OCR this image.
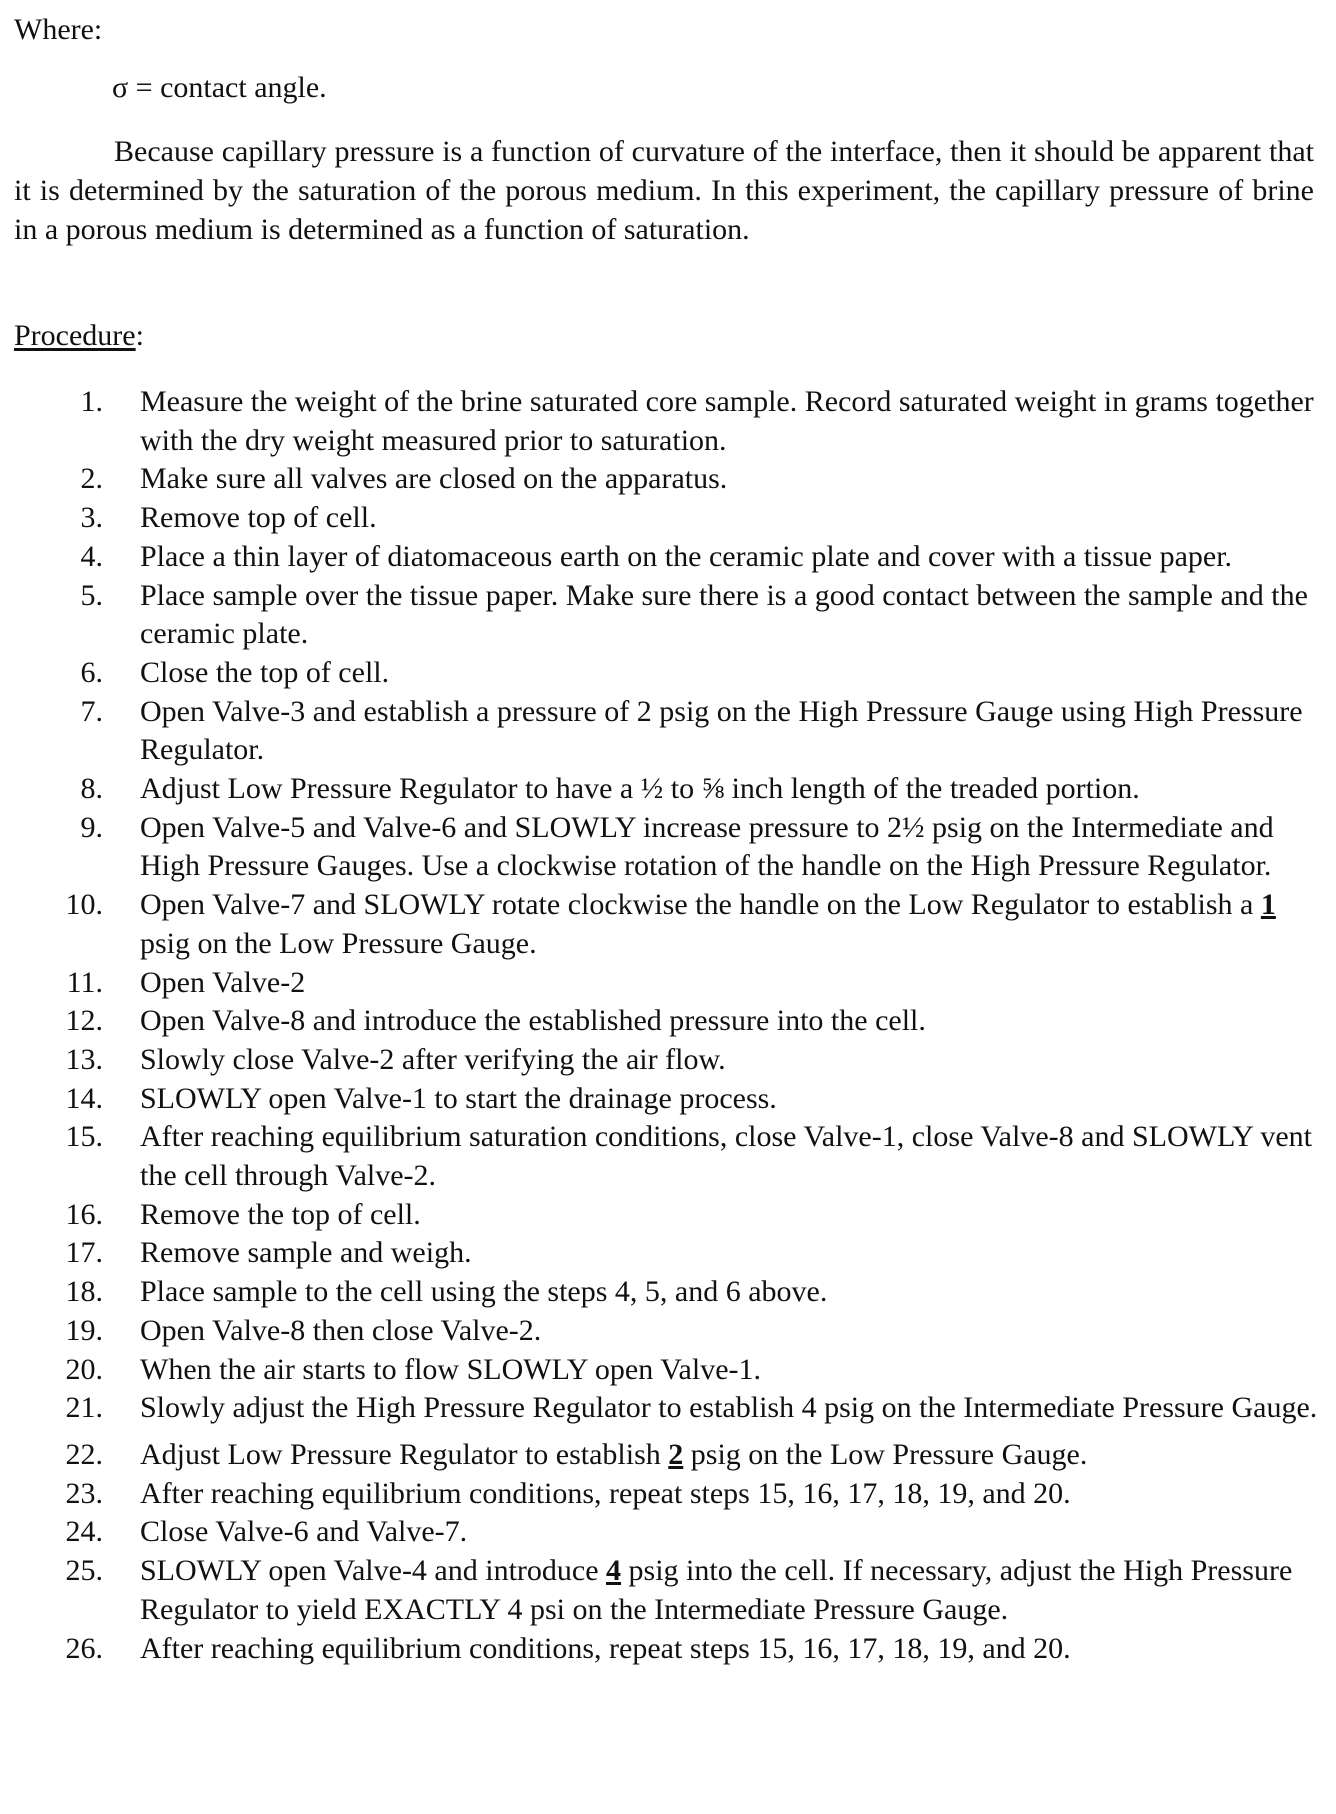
Where:
σ = contact angle.

Because capillary pressure is a function of curvature of the interface, then it should be apparent that it is determined by the saturation of the porous medium. In this experiment, the capillary pressure of brine in a porous medium is determined as a function of saturation.

Procedure:
1. Measure the weight of the brine saturated core sample. Record saturated weight in grams together with the dry weight measured prior to saturation.
2. Make sure all valves are closed on the apparatus.
3. Remove top of cell.
4. Place a thin layer of diatomaceous earth on the ceramic plate and cover with a tissue paper.
5. Place sample over the tissue paper. Make sure there is a good contact between the sample and the ceramic plate.
6. Close the top of cell.
7. Open Valve-3 and establish a pressure of 2 psig on the High Pressure Gauge using High Pressure Regulator.
8. Adjust Low Pressure Regulator to have a ½ to ⅝ inch length of the treaded portion.
9. Open Valve-5 and Valve-6 and SLOWLY increase pressure to 2½ psig on the Intermediate and High Pressure Gauges. Use a clockwise rotation of the handle on the High Pressure Regulator.
10. Open Valve-7 and SLOWLY rotate clockwise the handle on the Low Regulator to establish a 1 psig on the Low Pressure Gauge.
11. Open Valve-2
12. Open Valve-8 and introduce the established pressure into the cell.
13. Slowly close Valve-2 after verifying the air flow.
14. SLOWLY open Valve-1 to start the drainage process.
15. After reaching equilibrium saturation conditions, close Valve-1, close Valve-8 and SLOWLY vent the cell through Valve-2.
16. Remove the top of cell.
17. Remove sample and weigh.
18. Place sample to the cell using the steps 4, 5, and 6 above.
19. Open Valve-8 then close Valve-2.
20. When the air starts to flow SLOWLY open Valve-1.
21. Slowly adjust the High Pressure Regulator to establish 4 psig on the Intermediate Pressure Gauge.
22. Adjust Low Pressure Regulator to establish 2 psig on the Low Pressure Gauge.
23. After reaching equilibrium conditions, repeat steps 15, 16, 17, 18, 19, and 20.
24. Close Valve-6 and Valve-7.
25. SLOWLY open Valve-4 and introduce 4 psig into the cell. If necessary, adjust the High Pressure Regulator to yield EXACTLY 4 psi on the Intermediate Pressure Gauge.
26. After reaching equilibrium conditions, repeat steps 15, 16, 17, 18, 19, and 20.
